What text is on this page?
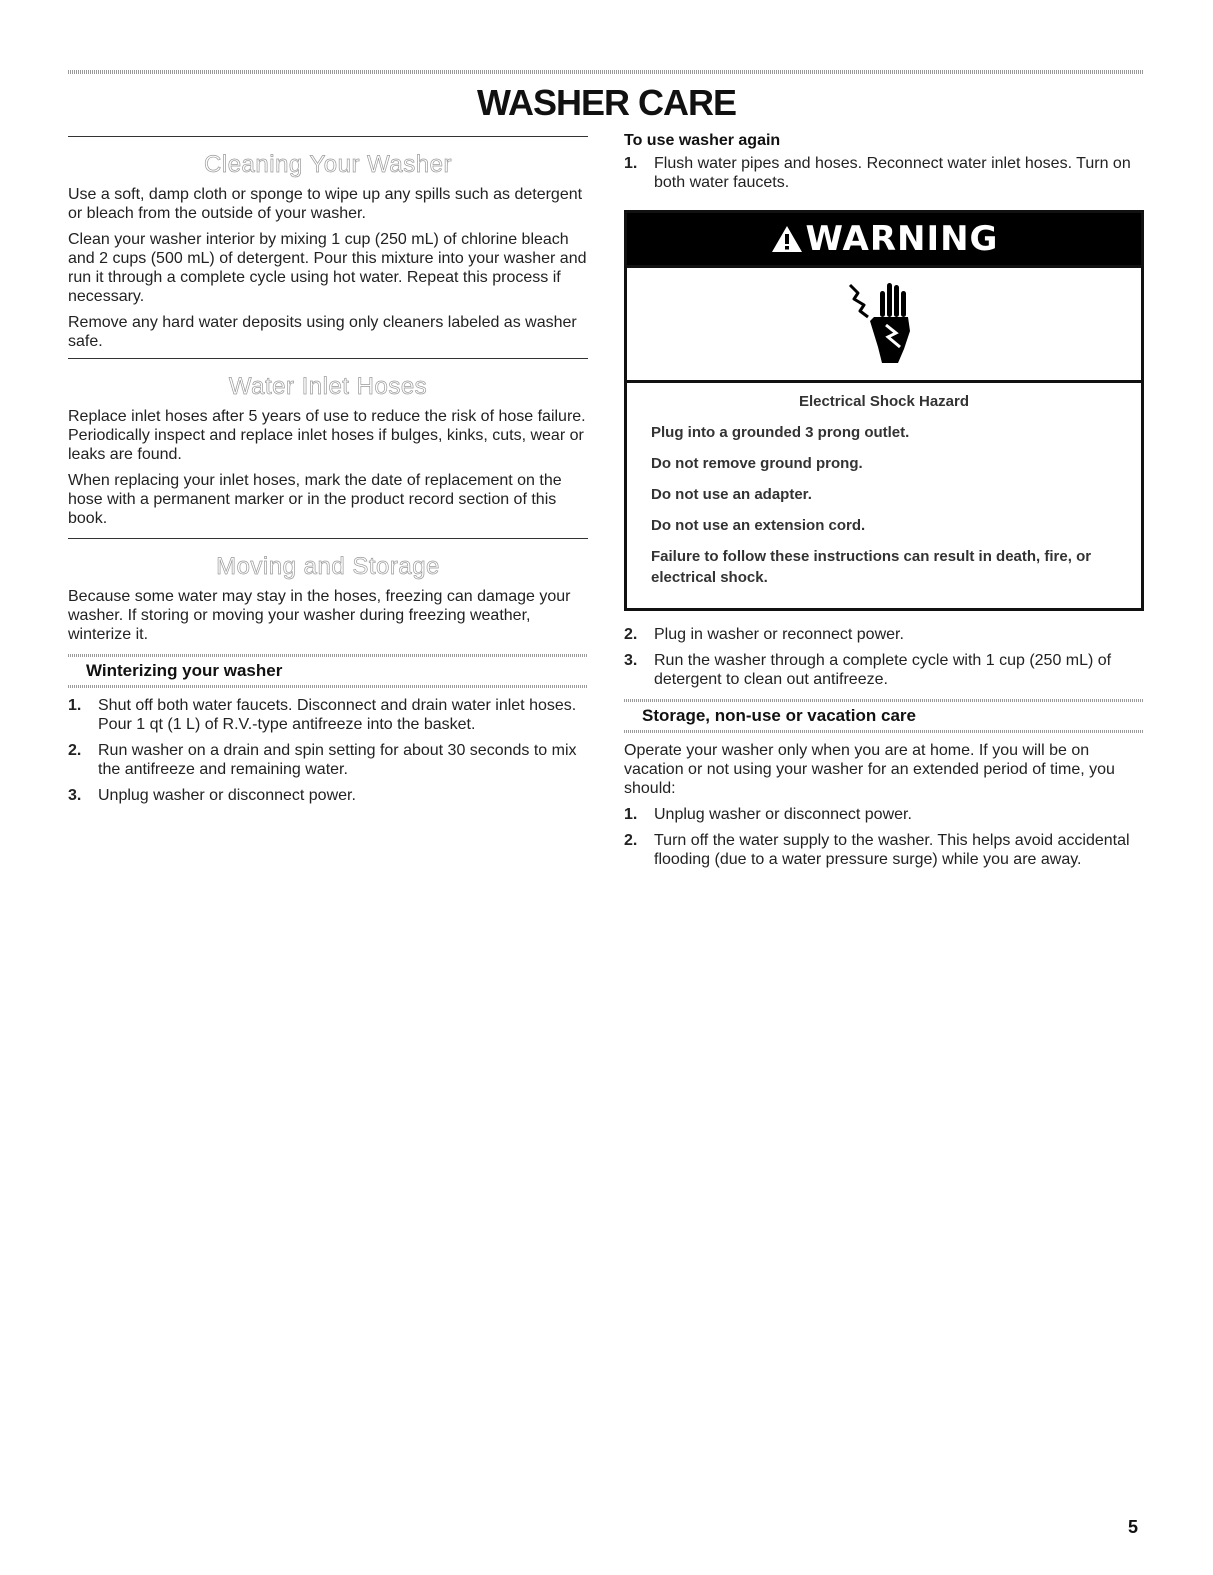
WASHER CARE
Cleaning Your Washer

Use a soft, damp cloth or sponge to wipe up any spills such as detergent or bleach from the outside of your washer.

Clean your washer interior by mixing 1 cup (250 mL) of chlorine bleach and 2 cups (500 mL) of detergent. Pour this mixture into your washer and run it through a complete cycle using hot water. Repeat this process if necessary.

Remove any hard water deposits using only cleaners labeled as washer safe.

Water Inlet Hoses

Replace inlet hoses after 5 years of use to reduce the risk of hose failure. Periodically inspect and replace inlet hoses if bulges, kinks, cuts, wear or leaks are found.

When replacing your inlet hoses, mark the date of replacement on the hose with a permanent marker or in the product record section of this book.

Moving and Storage

Because some water may stay in the hoses, freezing can damage your washer. If storing or moving your washer during freezing weather, winterize it.

Winterizing your washer
1. Shut off both water faucets. Disconnect and drain water inlet hoses. Pour 1 qt (1 L) of R.V.-type antifreeze into the basket.
2. Run washer on a drain and spin setting for about 30 seconds to mix the antifreeze and remaining water.
3. Unplug washer or disconnect power.
To use washer again
1. Flush water pipes and hoses. Reconnect water inlet hoses. Turn on both water faucets.
WARNING
Electrical Shock Hazard
Plug into a grounded 3 prong outlet.
Do not remove ground prong.
Do not use an adapter.
Do not use an extension cord.
Failure to follow these instructions can result in death, fire, or electrical shock.
2. Plug in washer or reconnect power.
3. Run the washer through a complete cycle with 1 cup (250 mL) of detergent to clean out antifreeze.
Storage, non-use or vacation care

Operate your washer only when you are at home. If you will be on vacation or not using your washer for an extended period of time, you should:

1. Unplug washer or disconnect power.
2. Turn off the water supply to the washer. This helps avoid accidental flooding (due to a water pressure surge) while you are away.
5
